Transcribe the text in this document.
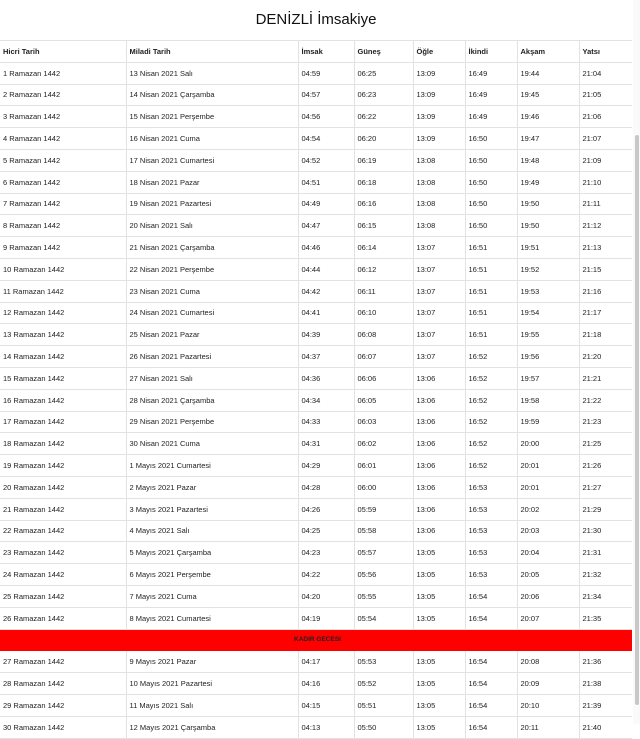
DENİZLİ İmsakiye
Hicri Tarih	Miladi Tarih	İmsak	Güneş	Öğle	İkindi	Akşam	Yatsı
1 Ramazan 1442	13 Nisan 2021 Salı	04:59	06:25	13:09	16:49	19:44	21:04
2 Ramazan 1442	14 Nisan 2021 Çarşamba	04:57	06:23	13:09	16:49	19:45	21:05
3 Ramazan 1442	15 Nisan 2021 Perşembe	04:56	06:22	13:09	16:49	19:46	21:06
4 Ramazan 1442	16 Nisan 2021 Cuma	04:54	06:20	13:09	16:50	19:47	21:07
5 Ramazan 1442	17 Nisan 2021 Cumartesi	04:52	06:19	13:08	16:50	19:48	21:09
6 Ramazan 1442	18 Nisan 2021 Pazar	04:51	06:18	13:08	16:50	19:49	21:10
7 Ramazan 1442	19 Nisan 2021 Pazartesi	04:49	06:16	13:08	16:50	19:50	21:11
8 Ramazan 1442	20 Nisan 2021 Salı	04:47	06:15	13:08	16:50	19:50	21:12
9 Ramazan 1442	21 Nisan 2021 Çarşamba	04:46	06:14	13:07	16:51	19:51	21:13
10 Ramazan 1442	22 Nisan 2021 Perşembe	04:44	06:12	13:07	16:51	19:52	21:15
11 Ramazan 1442	23 Nisan 2021 Cuma	04:42	06:11	13:07	16:51	19:53	21:16
12 Ramazan 1442	24 Nisan 2021 Cumartesi	04:41	06:10	13:07	16:51	19:54	21:17
13 Ramazan 1442	25 Nisan 2021 Pazar	04:39	06:08	13:07	16:51	19:55	21:18
14 Ramazan 1442	26 Nisan 2021 Pazartesi	04:37	06:07	13:07	16:52	19:56	21:20
15 Ramazan 1442	27 Nisan 2021 Salı	04:36	06:06	13:06	16:52	19:57	21:21
16 Ramazan 1442	28 Nisan 2021 Çarşamba	04:34	06:05	13:06	16:52	19:58	21:22
17 Ramazan 1442	29 Nisan 2021 Perşembe	04:33	06:03	13:06	16:52	19:59	21:23
18 Ramazan 1442	30 Nisan 2021 Cuma	04:31	06:02	13:06	16:52	20:00	21:25
19 Ramazan 1442	1 Mayıs 2021 Cumartesi	04:29	06:01	13:06	16:52	20:01	21:26
20 Ramazan 1442	2 Mayıs 2021 Pazar	04:28	06:00	13:06	16:53	20:01	21:27
21 Ramazan 1442	3 Mayıs 2021 Pazartesi	04:26	05:59	13:06	16:53	20:02	21:29
22 Ramazan 1442	4 Mayıs 2021 Salı	04:25	05:58	13:06	16:53	20:03	21:30
23 Ramazan 1442	5 Mayıs 2021 Çarşamba	04:23	05:57	13:05	16:53	20:04	21:31
24 Ramazan 1442	6 Mayıs 2021 Perşembe	04:22	05:56	13:05	16:53	20:05	21:32
25 Ramazan 1442	7 Mayıs 2021 Cuma	04:20	05:55	13:05	16:54	20:06	21:34
26 Ramazan 1442	8 Mayıs 2021 Cumartesi	04:19	05:54	13:05	16:54	20:07	21:35
KADIR GECESI							
27 Ramazan 1442	9 Mayıs 2021 Pazar	04:17	05:53	13:05	16:54	20:08	21:36
28 Ramazan 1442	10 Mayıs 2021 Pazartesi	04:16	05:52	13:05	16:54	20:09	21:38
29 Ramazan 1442	11 Mayıs 2021 Salı	04:15	05:51	13:05	16:54	20:10	21:39
30 Ramazan 1442	12 Mayıs 2021 Çarşamba	04:13	05:50	13:05	16:54	20:11	21:40
